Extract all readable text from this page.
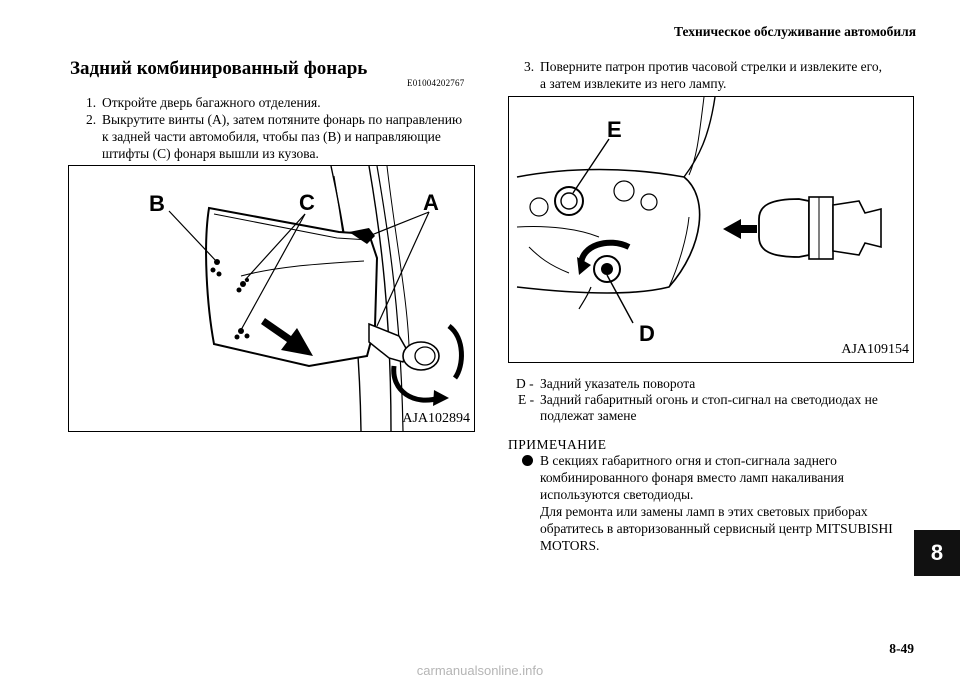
Техническое обслуживание автомобиля
Задний комбинированный фонарь
E01004202767
1. Откройте дверь багажного отделения.
2. Выкрутите винты (A), затем потяните фонарь по направлению
к задней части автомобиля, чтобы паз (B) и направляющие
штифты (C) фонаря вышли из кузова.
3. Поверните патрон против часовой стрелки и извлеките его,
а затем извлеките из него лампу.
B	C	A
AJA102894
E
D
AJA109154
D - Задний указатель поворота
E - Задний габаритный огонь и стоп-сигнал на светодиодах не
подлежат замене
ПРИМЕЧАНИЕ
В секциях габаритного огня и стоп-сигнала заднего
комбинированного фонаря вместо ламп накаливания
используются светодиоды.
Для ремонта или замены ламп в этих световых приборах
обратитесь в авторизованный сервисный центр MITSUBISHI
MOTORS.	8
8-49
carmanualsonline.info
